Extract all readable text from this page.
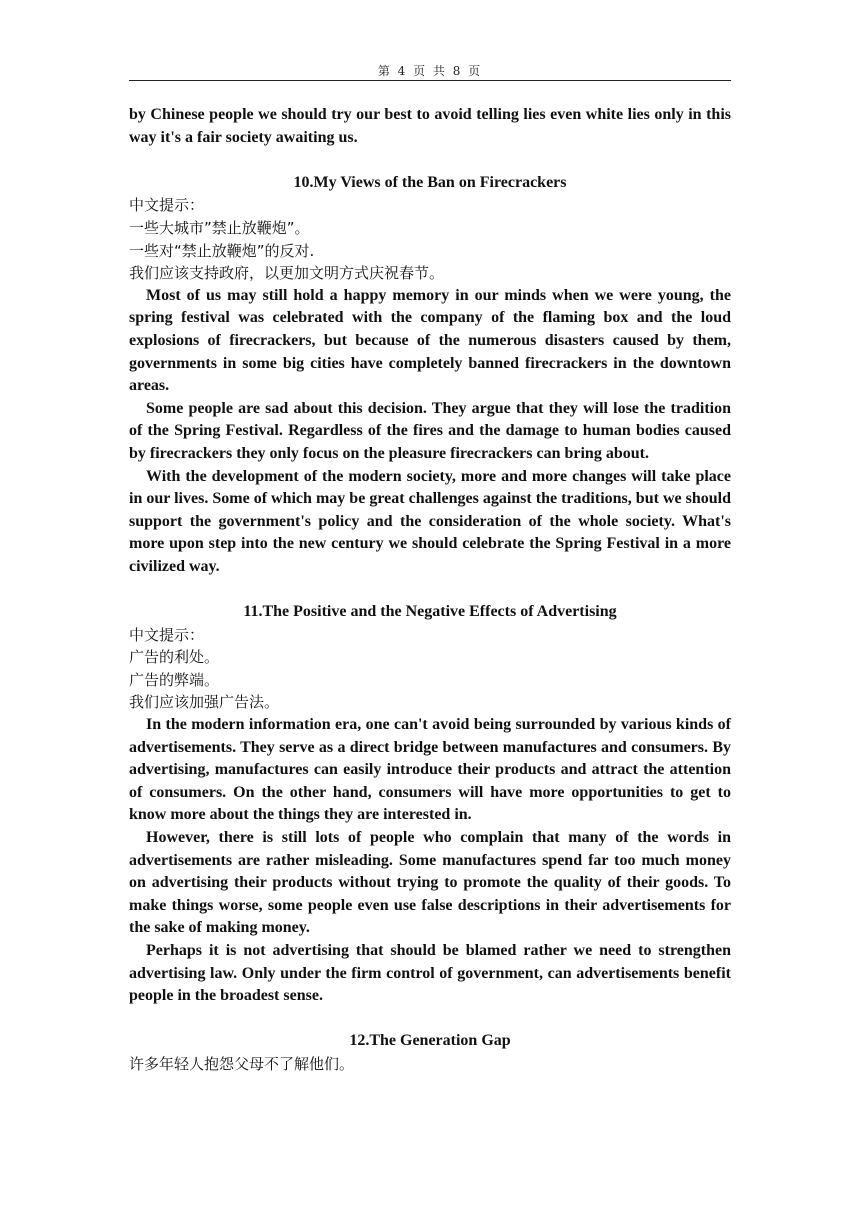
第 4 页 共 8 页

by Chinese people we should try our best to avoid telling lies even white lies only in this way it's a fair society awaiting us.

10.My Views of the Ban on Firecrackers

中文提示：

一些大城市”禁止放鞭炮”。

一些对“禁止放鞭炮”的反对.

我们应该支持政府，以更加文明方式庆祝春节。

Most of us may still hold a happy memory in our minds when we were young, the spring festival was celebrated with the company of the flaming box and the loud explosions of firecrackers, but because of the numerous disasters caused by them, governments in some big cities have completely banned firecrackers in the downtown areas.

Some people are sad about this decision. They argue that they will lose the tradition of the Spring Festival. Regardless of the fires and the damage to human bodies caused by firecrackers they only focus on the pleasure firecrackers can bring about.

With the development of the modern society, more and more changes will take place in our lives. Some of which may be great challenges against the traditions, but we should support the government's policy and the consideration of the whole society. What's more upon step into the new century we should celebrate the Spring Festival in a more civilized way.

11.The Positive and the Negative Effects of Advertising

中文提示：

广告的利处。

广告的弊端。

我们应该加强广告法。

In the modern information era, one can't avoid being surrounded by various kinds of advertisements. They serve as a direct bridge between manufactures and consumers. By advertising, manufactures can easily introduce their products and attract the attention of consumers. On the other hand, consumers will have more opportunities to get to know more about the things they are interested in.

However, there is still lots of people who complain that many of the words in advertisements are rather misleading. Some manufactures spend far too much money on advertising their products without trying to promote the quality of their goods. To make things worse, some people even use false descriptions in their advertisements for the sake of making money.

Perhaps it is not advertising that should be blamed rather we need to strengthen advertising law. Only under the firm control of government, can advertisements benefit people in the broadest sense.

12.The Generation Gap

许多年轻人抱怨父母不了解他们。
